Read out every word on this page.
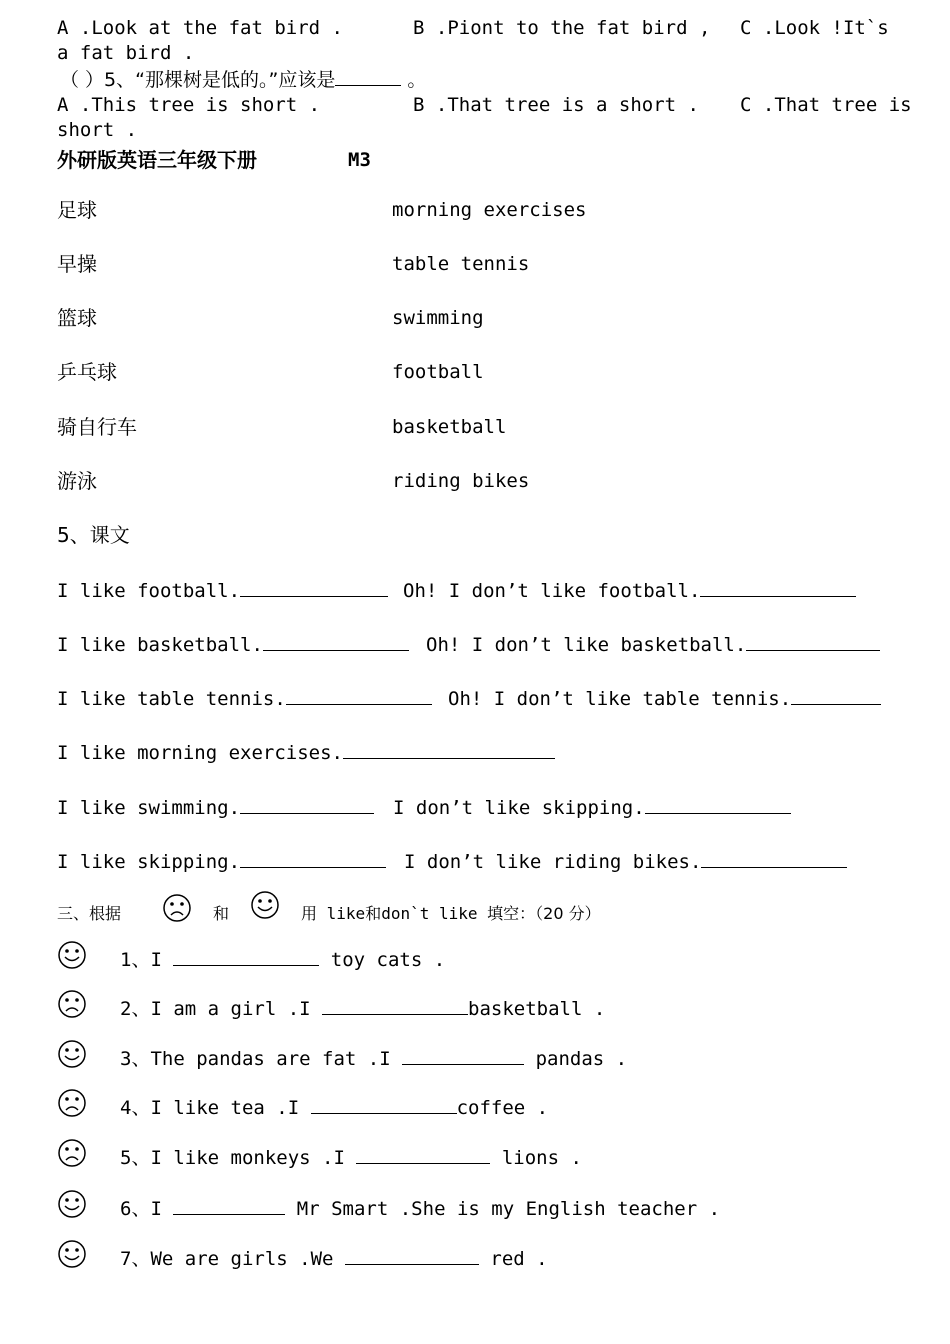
A .Look at the fat bird .	B .Piont to the fat bird , C .Look !It`s
a fat bird .
（ ）5、“那棵树是低的。”应该是	。
A .This tree is short .	B .That tree is a short . C .That tree is
short .
外研版英语三年级下册	M3
足球	morning exercises
早操	table tennis
篮球	swimming
乒乓球	football
骑自行车	basketball
游泳	riding bikes
5、课文
I like football.	Oh! I don’t like football.
I like basketball.	Oh! I don’t like basketball.
I like table tennis.	Oh! I don’t like table tennis.
I like morning exercises.
I like swimming.	I don’t like skipping.
I like skipping.	I don’t like riding bikes.
三、根据	和	用 like和don`t like 填空：（20 分）
1、I	toy cats .
2、I am a girl .I	basketball .
3、The pandas are fat .I	pandas .
4、I like tea .I	coffee .
5、I like monkeys .I	lions .
6、I	Mr Smart .She is my English teacher .
7、We are girls .We	red .
